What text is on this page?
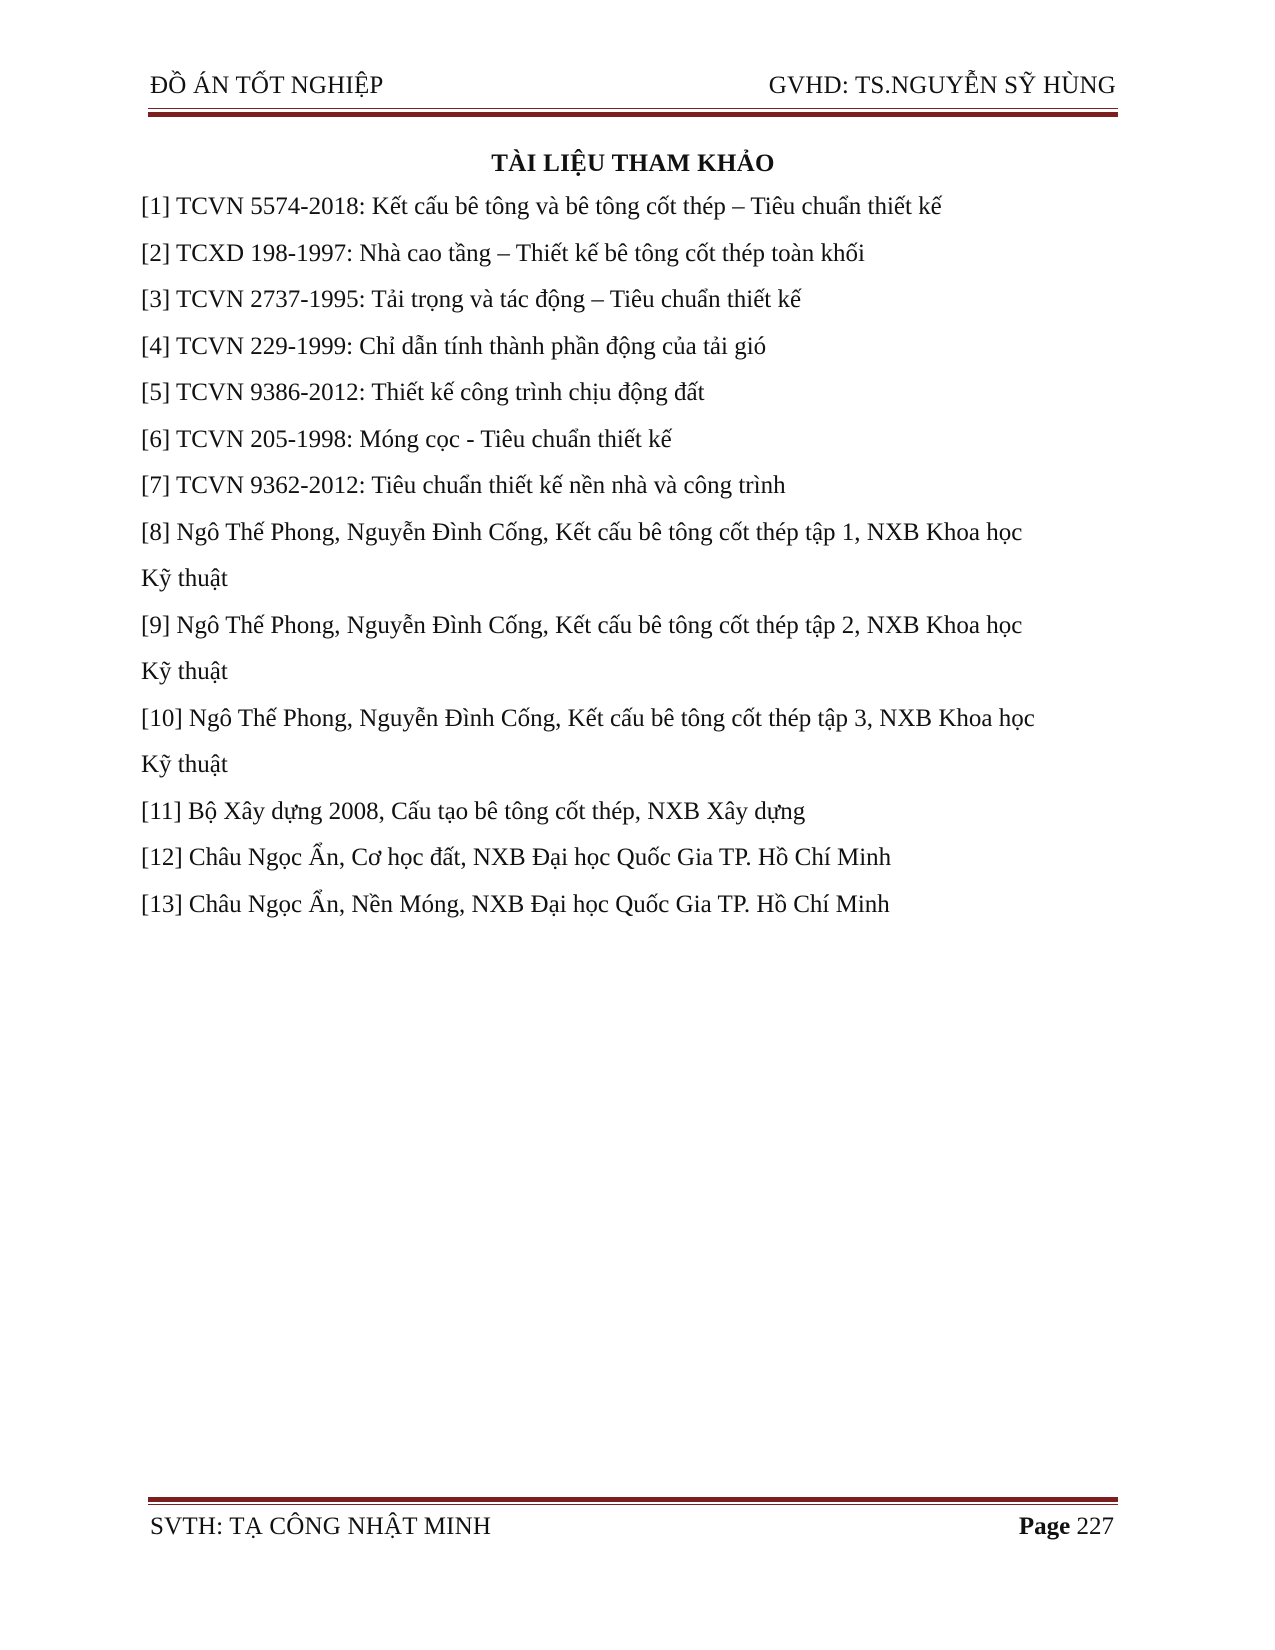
ĐỒ ÁN TỐT NGHIỆP	GVHD: TS.NGUYỄN SỸ HÙNG
TÀI LIỆU THAM KHẢO
[1] TCVN 5574-2018: Kết cấu bê tông và bê tông cốt thép – Tiêu chuẩn thiết kế
[2] TCXD 198-1997: Nhà cao tầng – Thiết kế bê tông cốt thép toàn khối
[3] TCVN 2737-1995: Tải trọng và tác động – Tiêu chuẩn thiết kế
[4] TCVN 229-1999: Chỉ dẫn tính thành phần động của tải gió
[5] TCVN 9386-2012: Thiết kế công trình chịu động đất
[6] TCVN 205-1998: Móng cọc - Tiêu chuẩn thiết kế
[7] TCVN 9362-2012: Tiêu chuẩn thiết kế nền nhà và công trình
[8] Ngô Thế Phong, Nguyễn Đình Cống, Kết cấu bê tông cốt thép tập 1, NXB Khoa học
Kỹ thuật
[9] Ngô Thế Phong, Nguyễn Đình Cống, Kết cấu bê tông cốt thép tập 2, NXB Khoa học
Kỹ thuật
[10] Ngô Thế Phong, Nguyễn Đình Cống, Kết cấu bê tông cốt thép tập 3, NXB Khoa học
Kỹ thuật
[11] Bộ Xây dựng 2008, Cấu tạo bê tông cốt thép, NXB Xây dựng
[12] Châu Ngọc Ẩn, Cơ học đất, NXB Đại học Quốc Gia TP. Hồ Chí Minh
[13] Châu Ngọc Ẩn, Nền Móng, NXB Đại học Quốc Gia TP. Hồ Chí Minh
SVTH: TẠ CÔNG NHẬT MINH	Page 227
